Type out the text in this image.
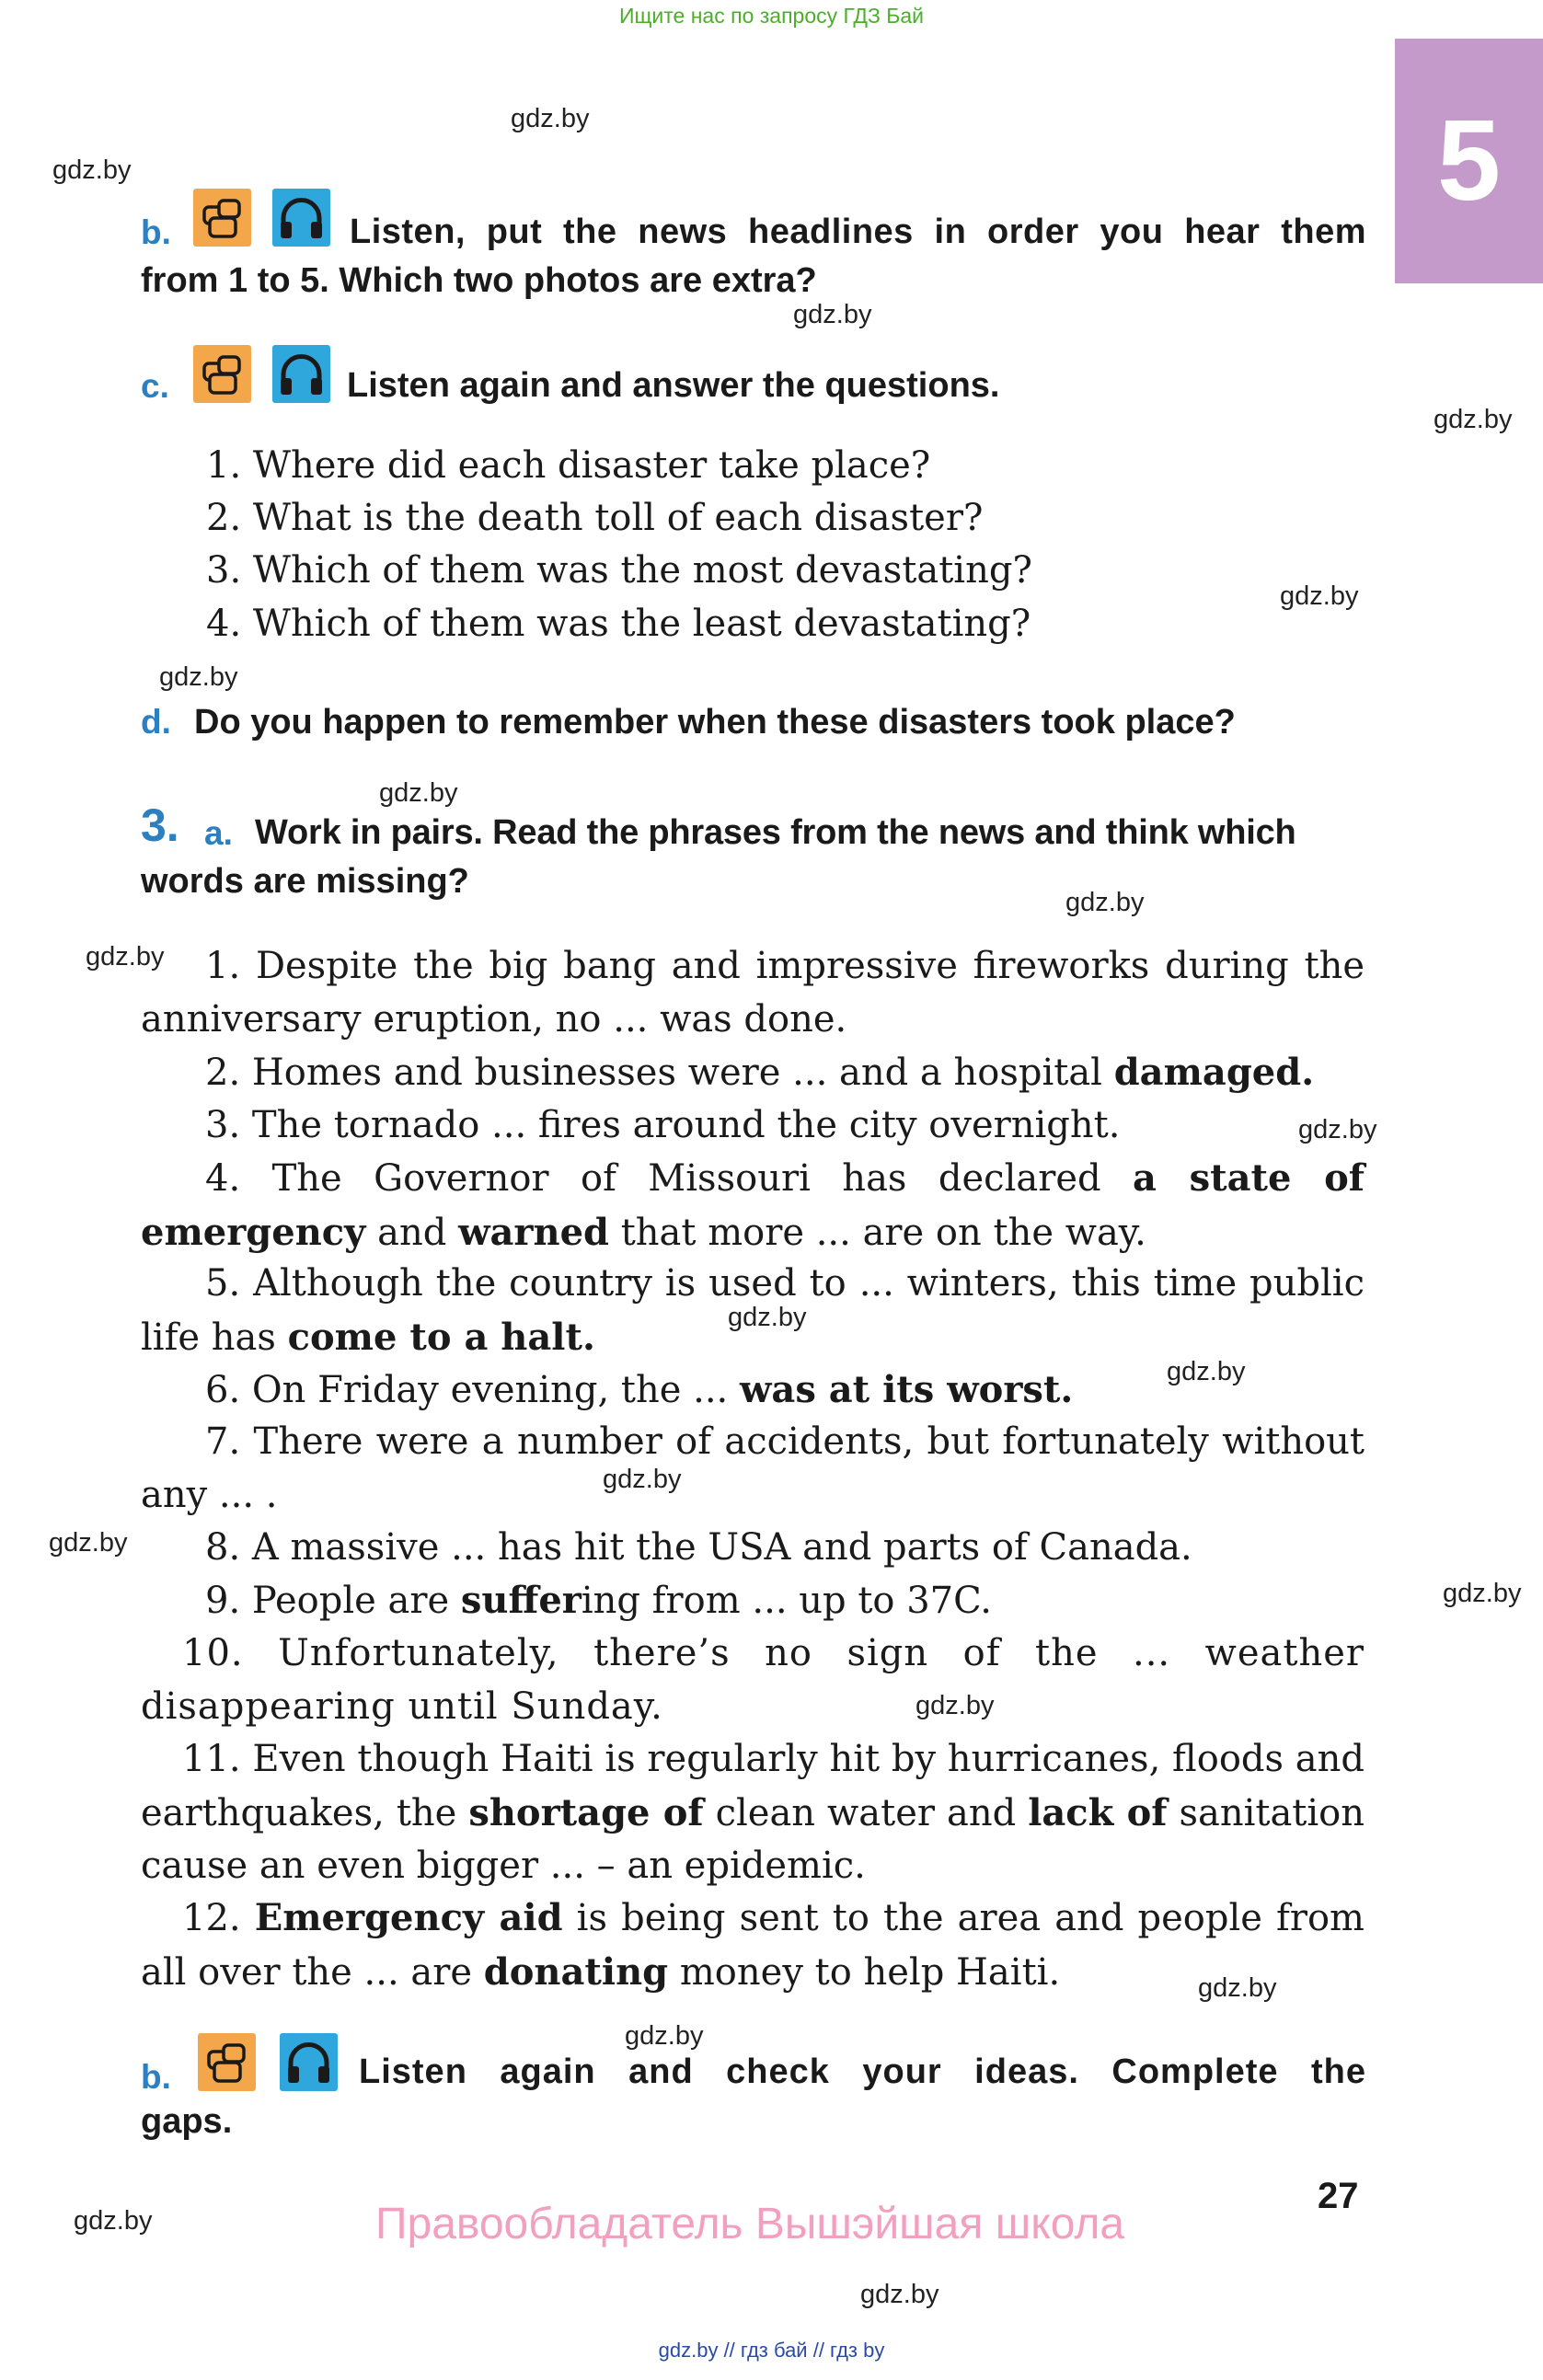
Ищите нас по запросу ГДЗ Бай
5
gdz.by
gdz.by
gdz.by
gdz.by
gdz.by
gdz.by
gdz.by
gdz.by
gdz.by
gdz.by
gdz.by
gdz.by
gdz.by
gdz.by
gdz.by
gdz.by
gdz.by
gdz.by
gdz.by
gdz.by
b.	Listen, put the news headlines in order you hear them
from 1 to 5. Which two photos are extra?
c.	Listen again and answer the questions.
1. Where did each disaster take place?
2. What is the death toll of each disaster?
3. Which of them was the most devastating?
4. Which of them was the least devastating?
d. Do you happen to remember when these disasters took place?
3. a. Work in pairs. Read the phrases from the news and think which
words are missing?
1. Despite the big bang and impressive fireworks during the anniversary eruption, no ... was done.
2. Homes and businesses were ... and a hospital damaged.
3. The tornado ... fires around the city overnight.
4. The Governor of Missouri has declared a state of emergency and warned that more ... are on the way.
5. Although the country is used to ... winters, this time public life has come to a halt.
6. On Friday evening, the ... was at its worst.
7. There were a number of accidents, but fortunately without any ... .
8. A massive ... has hit the USA and parts of Canada.
9. People are suffering from ... up to 37C.
10. Unfortunately, there’s no sign of the ... weather disappearing until Sunday.
11. Even though Haiti is regularly hit by hurricanes, floods and earthquakes, the shortage of clean water and lack of sanitation cause an even bigger ... – an epidemic.
12. Emergency aid is being sent to the area and people from all over the ... are donating money to help Haiti.
b.	Listen again and check your ideas. Complete the
gaps.
27
Правообладатель Вышэйшая школа
gdz.by // гдз бай // гдз by
